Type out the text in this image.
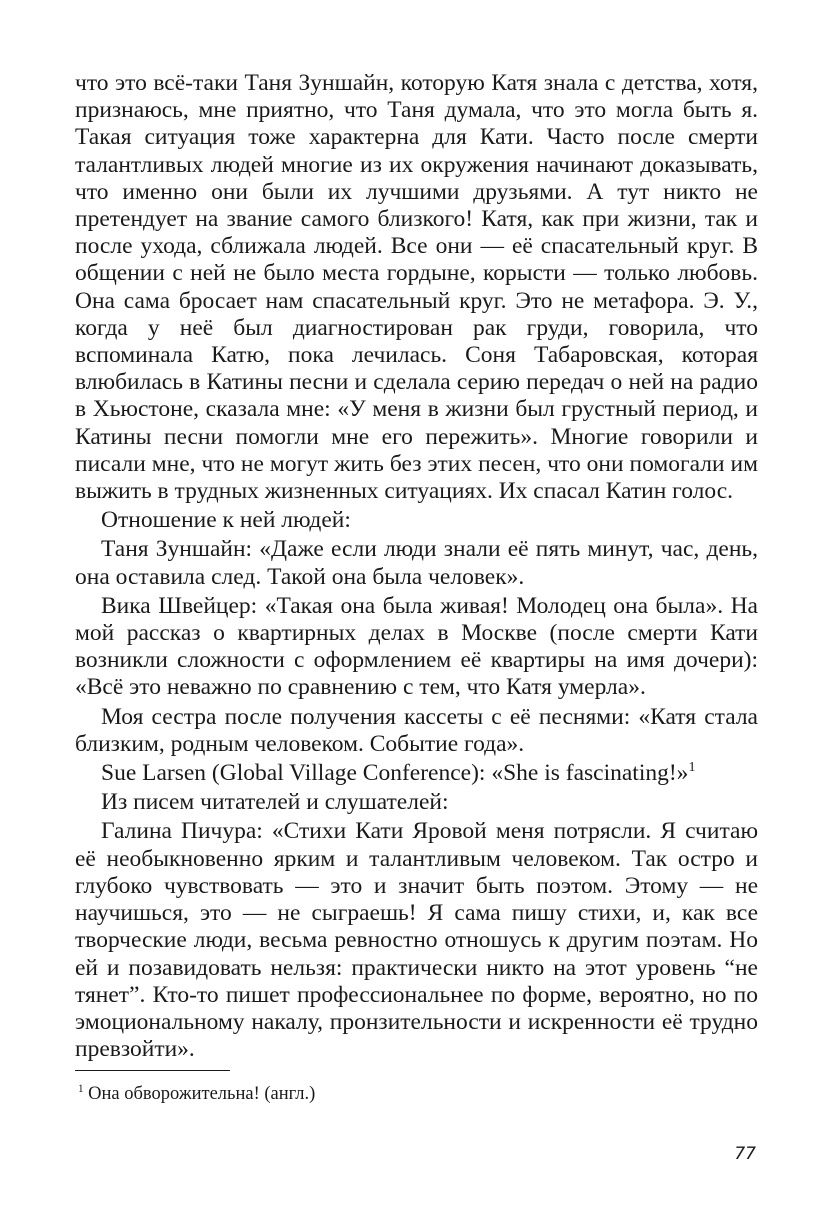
что это всё-таки Таня Зуншайн, которую Катя знала с детства, хотя, признаюсь, мне приятно, что Таня думала, что это могла быть я. Такая ситуация тоже характерна для Кати. Часто после смерти талантливых людей многие из их окружения начинают доказывать, что именно они были их лучшими друзьями. А тут никто не претендует на звание самого близкого! Катя, как при жизни, так и после ухода, сближала людей. Все они — её спасательный круг. В общении с ней не было места гордыне, корысти — только любовь. Она сама бросает нам спасательный круг. Это не метафора. Э. У., когда у неё был диагностирован рак груди, говорила, что вспоминала Катю, пока лечилась. Соня Табаровская, которая влюбилась в Катины песни и сделала серию передач о ней на радио в Хьюстоне, сказала мне: «У меня в жизни был грустный период, и Катины песни помогли мне его пережить». Многие говорили и писали мне, что не могут жить без этих песен, что они помогали им выжить в трудных жизненных ситуациях. Их спасал Катин голос.

Отношение к ней людей:

Таня Зуншайн: «Даже если люди знали её пять минут, час, день, она оставила след. Такой она была человек».

Вика Швейцер: «Такая она была живая! Молодец она была». На мой рассказ о квартирных делах в Москве (после смерти Кати возникли сложности с оформлением её квартиры на имя дочери): «Всё это неважно по сравнению с тем, что Катя умерла».

Моя сестра после получения кассеты с её песнями: «Катя стала близким, родным человеком. Событие года».

Sue Larsen (Global Village Conference): «She is fascinating!»$^1$

Из писем читателей и слушателей:

Галина Пичура: «Стихи Кати Яровой меня потрясли. Я считаю её необыкновенно ярким и талантливым человеком. Так остро и глубоко чувствовать — это и значит быть поэтом. Этому — не научишься, это — не сыграешь! Я сама пишу стихи, и, как все творческие люди, весьма ревностно отношусь к другим поэтам. Но ей и позавидовать нельзя: практически никто на этот уровень “не тянет”. Кто-то пишет профессиональнее по форме, вероятно, но по эмоциональному накалу, пронзительности и искренности её трудно превзойти».

$^1$ Она обворожительна! (англ.)
77
